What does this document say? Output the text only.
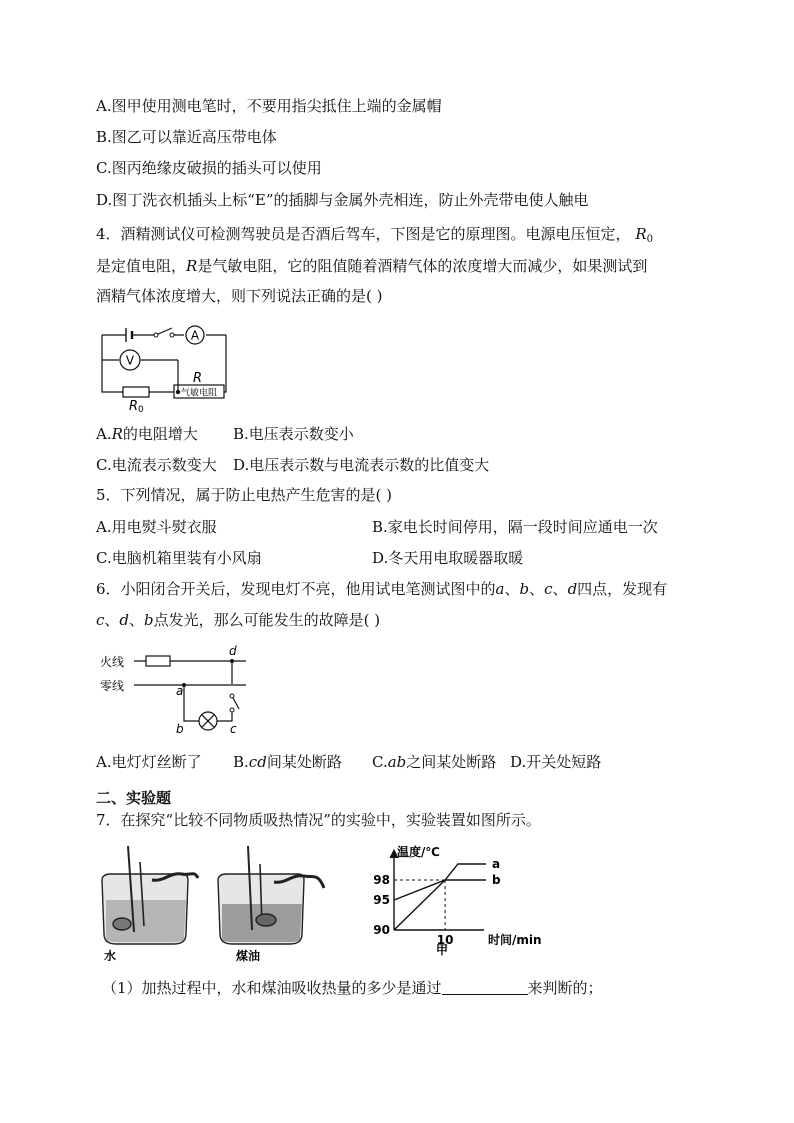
A.图甲使用测电笔时，不要用指尖抵住上端的金属帽
B.图乙可以靠近高压带电体
C.图丙绝缘皮破损的插头可以使用
D.图丁洗衣机插头上标“E”的插脚与金属外壳相连，防止外壳带电使人触电
4．酒精测试仪可检测驾驶员是否酒后驾车，下图是它的原理图。电源电压恒定， $R_0$
是定值电阻，R是气敏电阻，它的阻值随着酒精气体的浓度增大而减少，如果测试到
酒精气体浓度增大，则下列说法正确的是( )
A
V
R
气敏电阻
R 0
A.R的电阻增大 B.电压表示数变小
C.电流表示数变大 D.电压表示数与电流表示数的比值变大
5．下列情况，属于防止电热产生危害的是( )
A.用电熨斗熨衣服	B.家电长时间停用，隔一段时间应通电一次
C.电脑机箱里装有小风扇	D.冬天用电取暖器取暖
6．小阳闭合开关后，发现电灯不亮，他用试电笔测试图中的a、b、c、d四点，发现有
c、d、b点发光，那么可能发生的故障是( )
火线
零线
d
a
b	c
A.电灯灯丝断了 B.cd间某处断路 C.ab之间某处断路 D.开关处短路
二、实验题
7．在探究“比较不同物质吸热情况”的实验中，实验装置如图所示。
水	煤油
温度/℃
时间/min
甲
90
95
98
10
a
b
（1）加热过程中，水和煤油吸收热量的多少是通过	来判断的；
